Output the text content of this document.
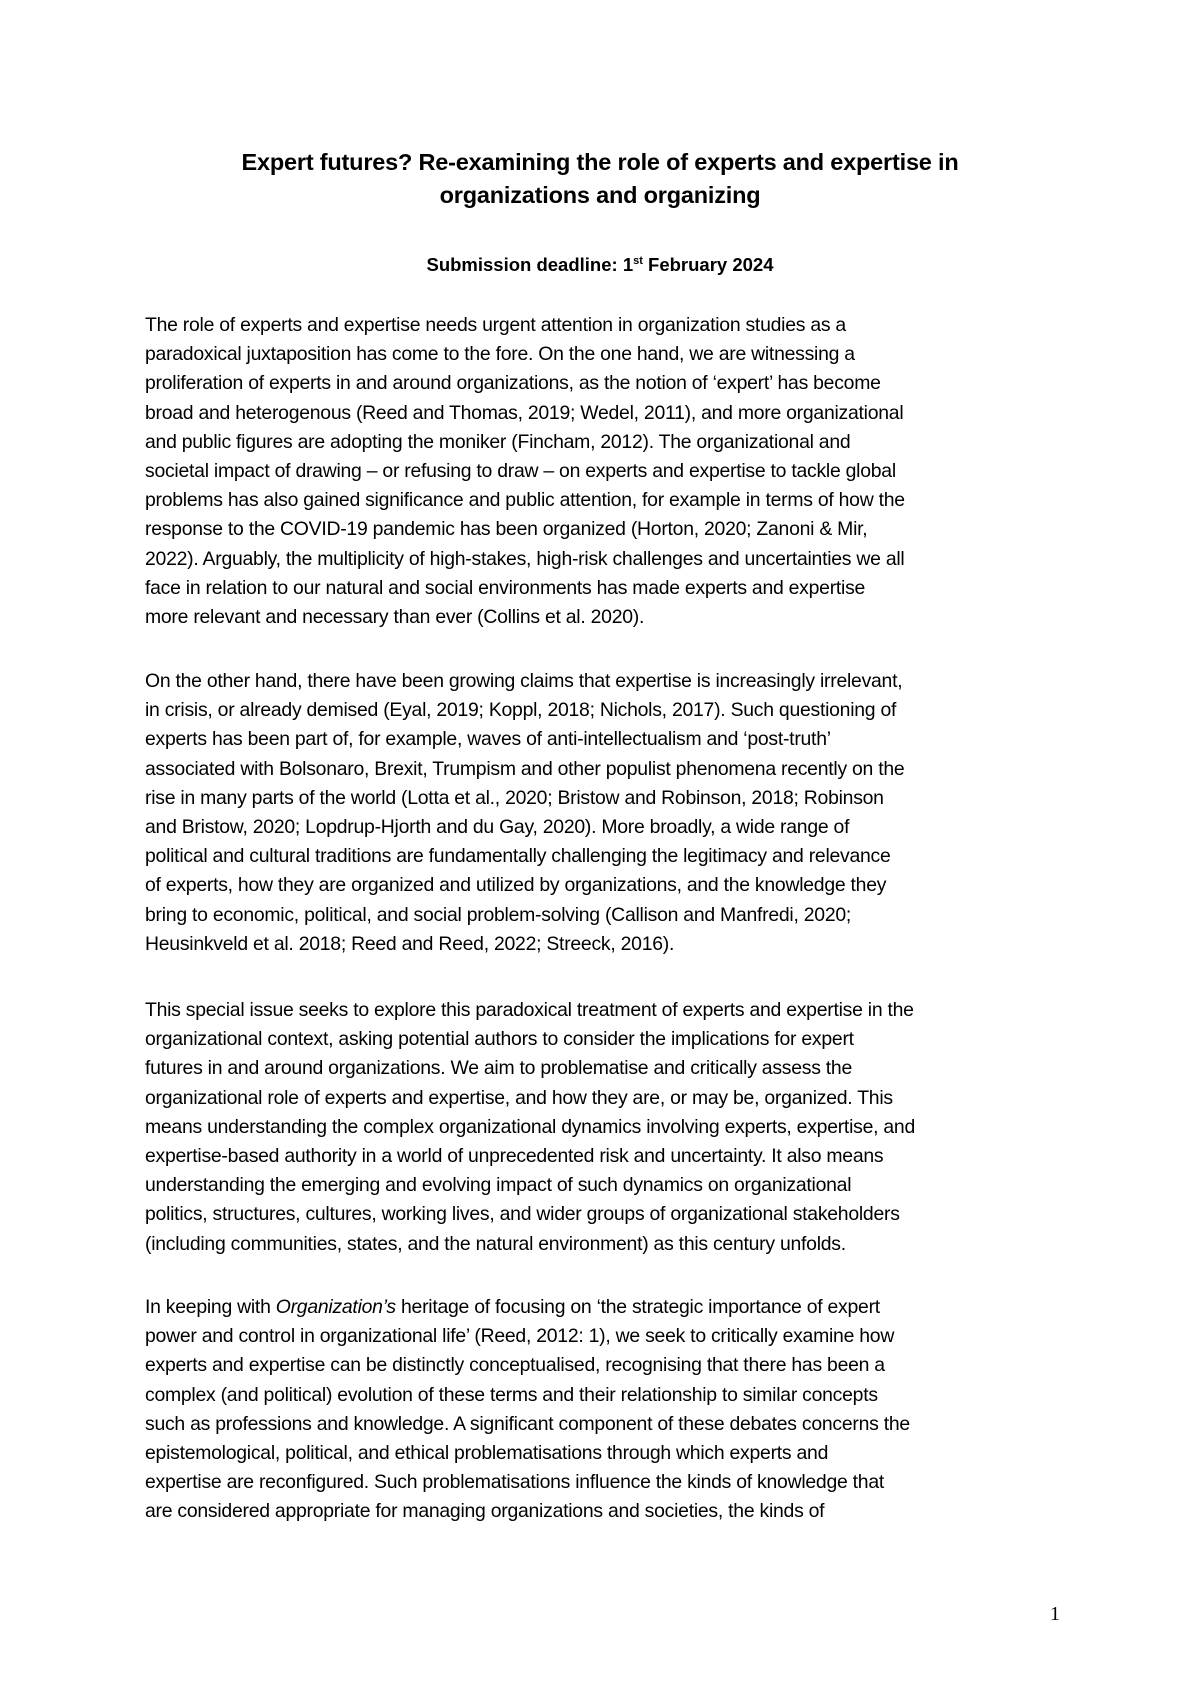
Expert futures? Re-examining the role of experts and expertise in
organizations and organizing
Submission deadline: 1st February 2024

The role of experts and expertise needs urgent attention in organization studies as a
paradoxical juxtaposition has come to the fore. On the one hand, we are witnessing a
proliferation of experts in and around organizations, as the notion of ‘expert’ has become
broad and heterogenous (Reed and Thomas, 2019; Wedel, 2011), and more organizational
and public figures are adopting the moniker (Fincham, 2012). The organizational and
societal impact of drawing – or refusing to draw – on experts and expertise to tackle global
problems has also gained significance and public attention, for example in terms of how the
response to the COVID-19 pandemic has been organized (Horton, 2020; Zanoni & Mir,
2022). Arguably, the multiplicity of high-stakes, high-risk challenges and uncertainties we all
face in relation to our natural and social environments has made experts and expertise
more relevant and necessary than ever (Collins et al. 2020).

On the other hand, there have been growing claims that expertise is increasingly irrelevant,
in crisis, or already demised (Eyal, 2019; Koppl, 2018; Nichols, 2017). Such questioning of
experts has been part of, for example, waves of anti-intellectualism and ‘post-truth’
associated with Bolsonaro, Brexit, Trumpism and other populist phenomena recently on the
rise in many parts of the world (Lotta et al., 2020; Bristow and Robinson, 2018; Robinson
and Bristow, 2020; Lopdrup-Hjorth and du Gay, 2020). More broadly, a wide range of
political and cultural traditions are fundamentally challenging the legitimacy and relevance
of experts, how they are organized and utilized by organizations, and the knowledge they
bring to economic, political, and social problem-solving (Callison and Manfredi, 2020;
Heusinkveld et al. 2018; Reed and Reed, 2022; Streeck, 2016).

This special issue seeks to explore this paradoxical treatment of experts and expertise in the
organizational context, asking potential authors to consider the implications for expert
futures in and around organizations. We aim to problematise and critically assess the
organizational role of experts and expertise, and how they are, or may be, organized. This
means understanding the complex organizational dynamics involving experts, expertise, and
expertise-based authority in a world of unprecedented risk and uncertainty. It also means
understanding the emerging and evolving impact of such dynamics on organizational
politics, structures, cultures, working lives, and wider groups of organizational stakeholders
(including communities, states, and the natural environment) as this century unfolds.

In keeping with Organization’s heritage of focusing on ‘the strategic importance of expert
power and control in organizational life’ (Reed, 2012: 1), we seek to critically examine how
experts and expertise can be distinctly conceptualised, recognising that there has been a
complex (and political) evolution of these terms and their relationship to similar concepts
such as professions and knowledge. A significant component of these debates concerns the
epistemological, political, and ethical problematisations through which experts and
expertise are reconfigured. Such problematisations influence the kinds of knowledge that
are considered appropriate for managing organizations and societies, the kinds of

1
